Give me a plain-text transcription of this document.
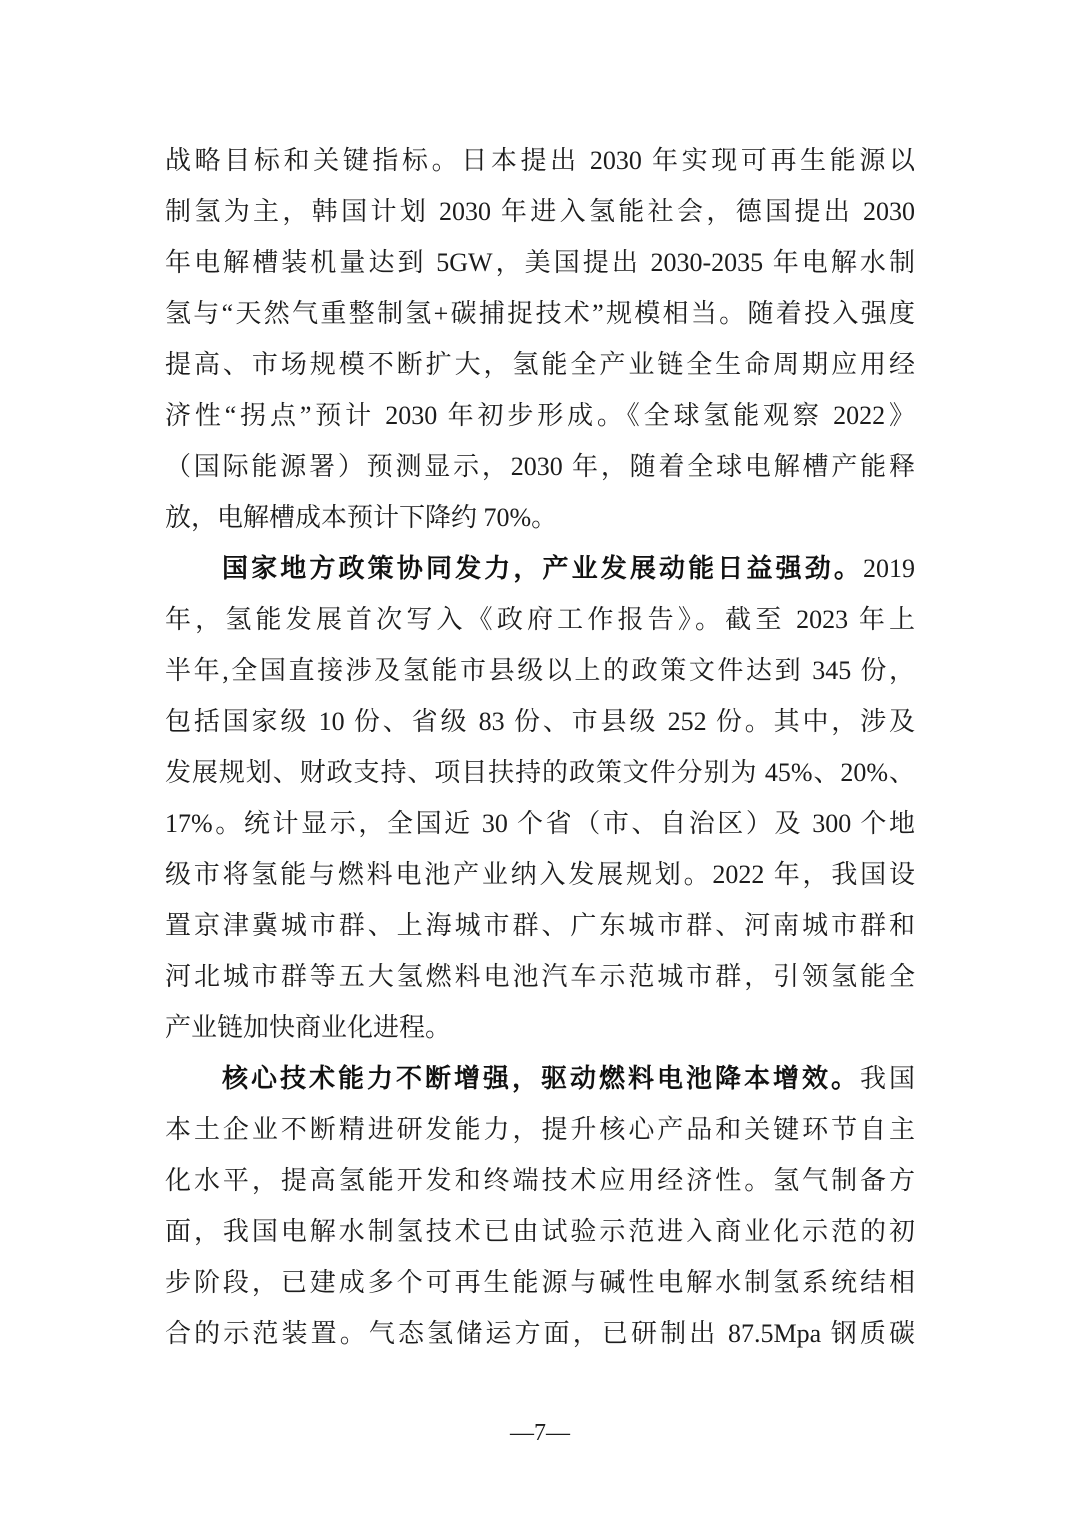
战略目标和关键指标。日本提出 2030 年实现可再生能源以
制氢为主，韩国计划 2030 年进入氢能社会，德国提出 2030
年电解槽装机量达到 5GW，美国提出 2030-2035 年电解水制
氢与“天然气重整制氢+碳捕捉技术”规模相当。随着投入强度
提高、市场规模不断扩大，氢能全产业链全生命周期应用经
济性“拐点”预计 2030 年初步形成。《全球氢能观察 2022》
（国际能源署）预测显示，2030 年，随着全球电解槽产能释
放，电解槽成本预计下降约 70%。
国家地方政策协同发力，产业发展动能日益强劲。2019
年，氢能发展首次写入《政府工作报告》。截至 2023 年上
半年,全国直接涉及氢能市县级以上的政策文件达到 345 份，
包括国家级 10 份、省级 83 份、市县级 252 份。其中，涉及
发展规划、财政支持、项目扶持的政策文件分别为 45%、20%、
17%。统计显示，全国近 30 个省（市、自治区）及 300 个地
级市将氢能与燃料电池产业纳入发展规划。2022 年，我国设
置京津冀城市群、上海城市群、广东城市群、河南城市群和
河北城市群等五大氢燃料电池汽车示范城市群，引领氢能全
产业链加快商业化进程。
核心技术能力不断增强，驱动燃料电池降本增效。我国
本土企业不断精进研发能力，提升核心产品和关键环节自主
化水平，提高氢能开发和终端技术应用经济性。氢气制备方
面，我国电解水制氢技术已由试验示范进入商业化示范的初
步阶段，已建成多个可再生能源与碱性电解水制氢系统结相
合的示范装置。气态氢储运方面，已研制出 87.5Mpa 钢质碳
—7—
